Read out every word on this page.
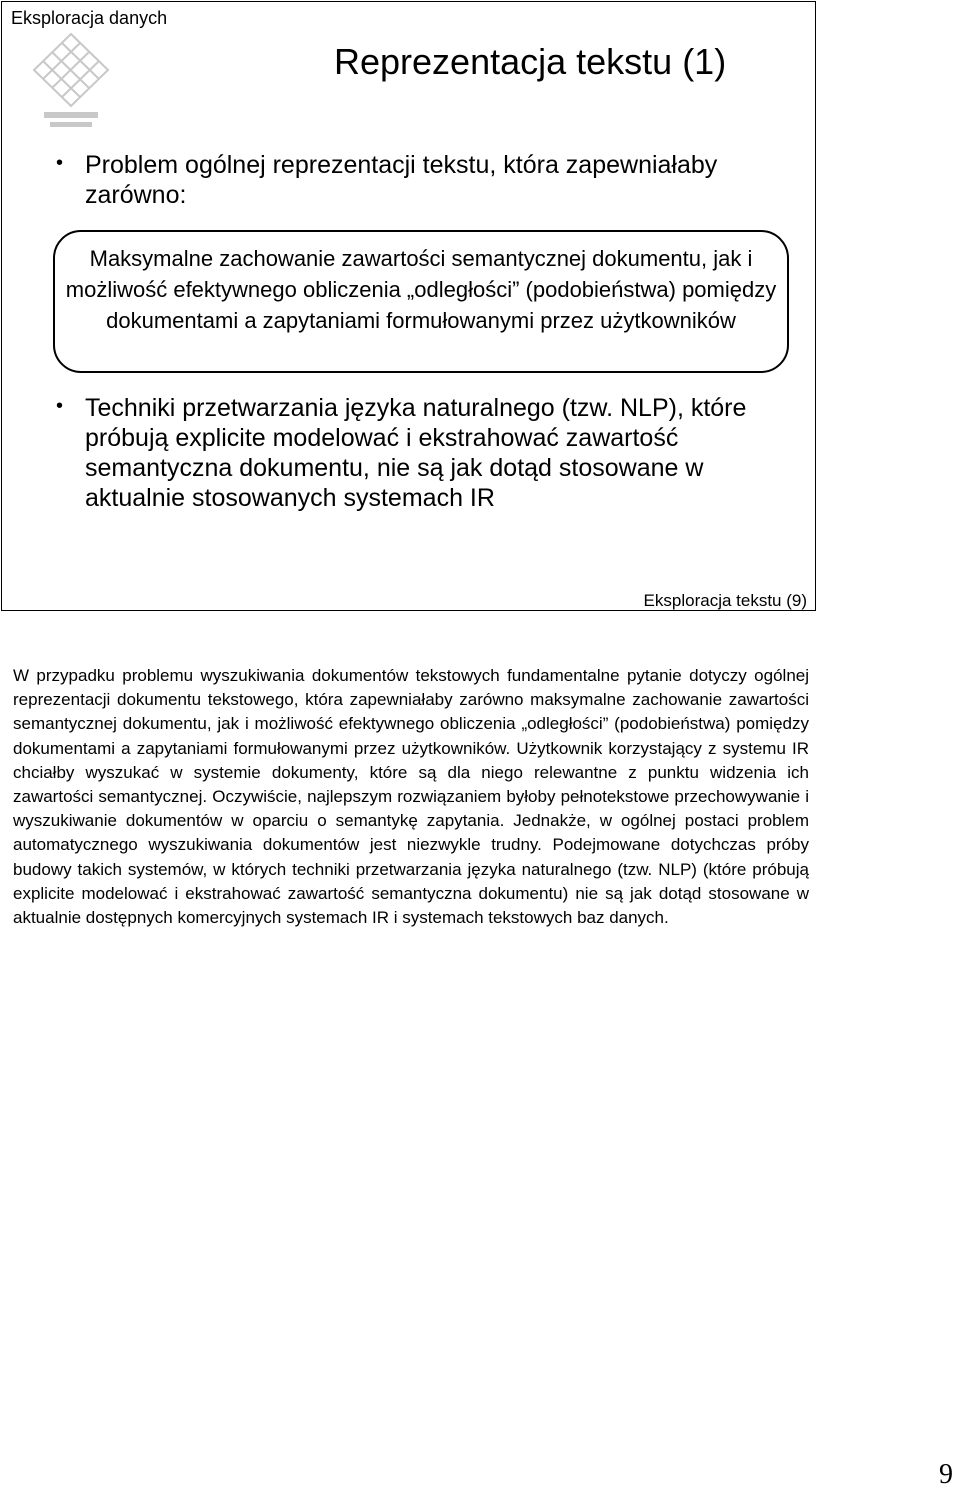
Eksploracja danych
Reprezentacja tekstu (1)
• Problem ogólnej reprezentacji tekstu, która zapewniałaby zarówno:
Maksymalne zachowanie zawartości semantycznej dokumentu, jak i możliwość efektywnego obliczenia „odległości” (podobieństwa) pomiędzy dokumentami a zapytaniami formułowanymi przez użytkowników
• Techniki przetwarzania języka naturalnego (tzw. NLP), które próbują explicite modelować i ekstrahować zawartość semantyczna dokumentu, nie są jak dotąd stosowane w aktualnie stosowanych systemach IR
Eksploracja tekstu (9)

W przypadku problemu wyszukiwania dokumentów tekstowych fundamentalne pytanie dotyczy ogólnej reprezentacji dokumentu tekstowego, która zapewniałaby zarówno maksymalne zachowanie zawartości semantycznej dokumentu, jak i możliwość efektywnego obliczenia „odległości” (podobieństwa) pomiędzy dokumentami a zapytaniami formułowanymi przez użytkowników. Użytkownik korzystający z systemu IR chciałby wyszukać w systemie dokumenty, które są dla niego relewantne z punktu widzenia ich zawartości semantycznej. Oczywiście, najlepszym rozwiązaniem byłoby pełnotekstowe przechowywanie i wyszukiwanie dokumentów w oparciu o semantykę zapytania. Jednakże, w ogólnej postaci problem automatycznego wyszukiwania dokumentów jest niezwykle trudny. Podejmowane dotychczas próby budowy takich systemów, w których techniki przetwarzania języka naturalnego (tzw. NLP) (które próbują explicite modelować i ekstrahować zawartość semantyczna dokumentu) nie są jak dotąd stosowane w aktualnie dostępnych komercyjnych systemach IR i systemach tekstowych baz danych.

9
